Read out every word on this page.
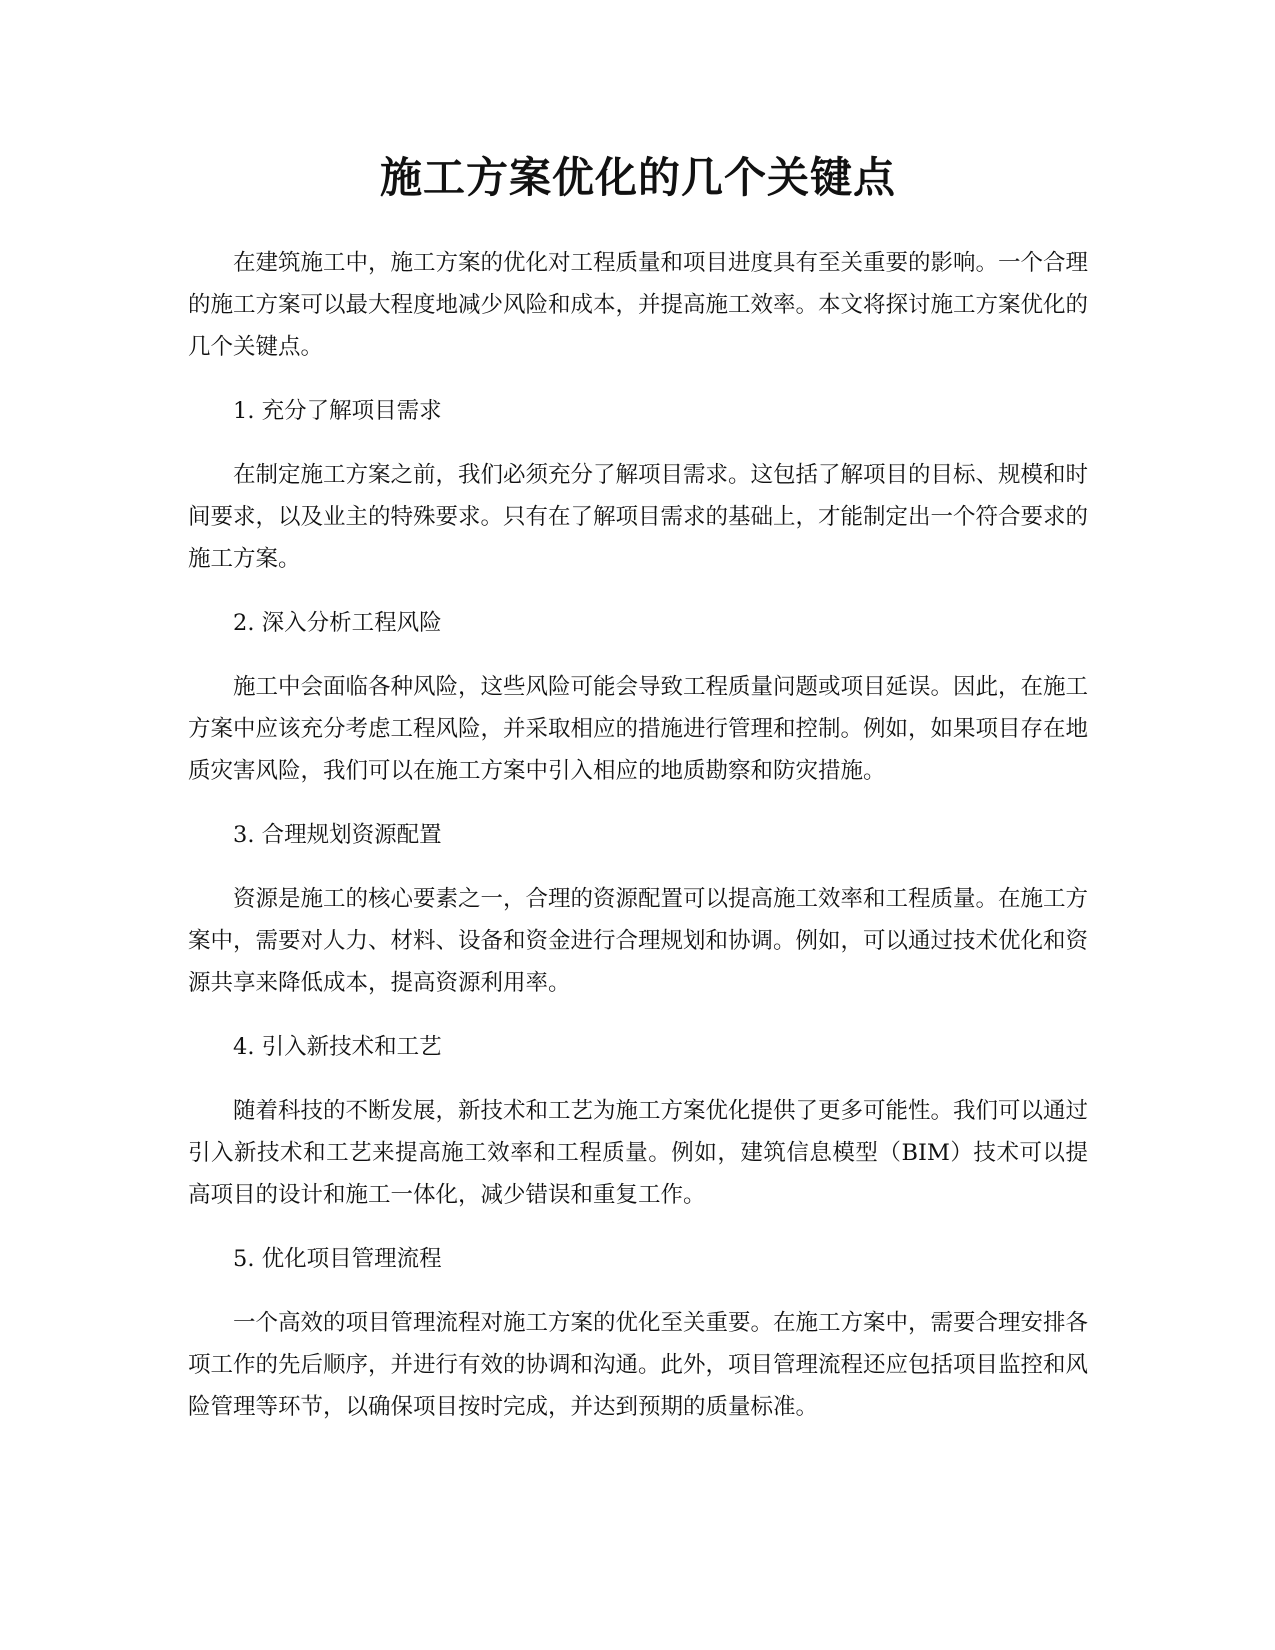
施工方案优化的几个关键点

在建筑施工中，施工方案的优化对工程质量和项目进度具有至关重要的影响。一个合理的施工方案可以最大程度地减少风险和成本，并提高施工效率。本文将探讨施工方案优化的几个关键点。

1. 充分了解项目需求

在制定施工方案之前，我们必须充分了解项目需求。这包括了解项目的目标、规模和时间要求，以及业主的特殊要求。只有在了解项目需求的基础上，才能制定出一个符合要求的施工方案。

2. 深入分析工程风险

施工中会面临各种风险，这些风险可能会导致工程质量问题或项目延误。因此，在施工方案中应该充分考虑工程风险，并采取相应的措施进行管理和控制。例如，如果项目存在地质灾害风险，我们可以在施工方案中引入相应的地质勘察和防灾措施。

3. 合理规划资源配置

资源是施工的核心要素之一，合理的资源配置可以提高施工效率和工程质量。在施工方案中，需要对人力、材料、设备和资金进行合理规划和协调。例如，可以通过技术优化和资源共享来降低成本，提高资源利用率。

4. 引入新技术和工艺

随着科技的不断发展，新技术和工艺为施工方案优化提供了更多可能性。我们可以通过引入新技术和工艺来提高施工效率和工程质量。例如，建筑信息模型（BIM）技术可以提高项目的设计和施工一体化，减少错误和重复工作。

5. 优化项目管理流程

一个高效的项目管理流程对施工方案的优化至关重要。在施工方案中，需要合理安排各项工作的先后顺序，并进行有效的协调和沟通。此外，项目管理流程还应包括项目监控和风险管理等环节，以确保项目按时完成，并达到预期的质量标准。
